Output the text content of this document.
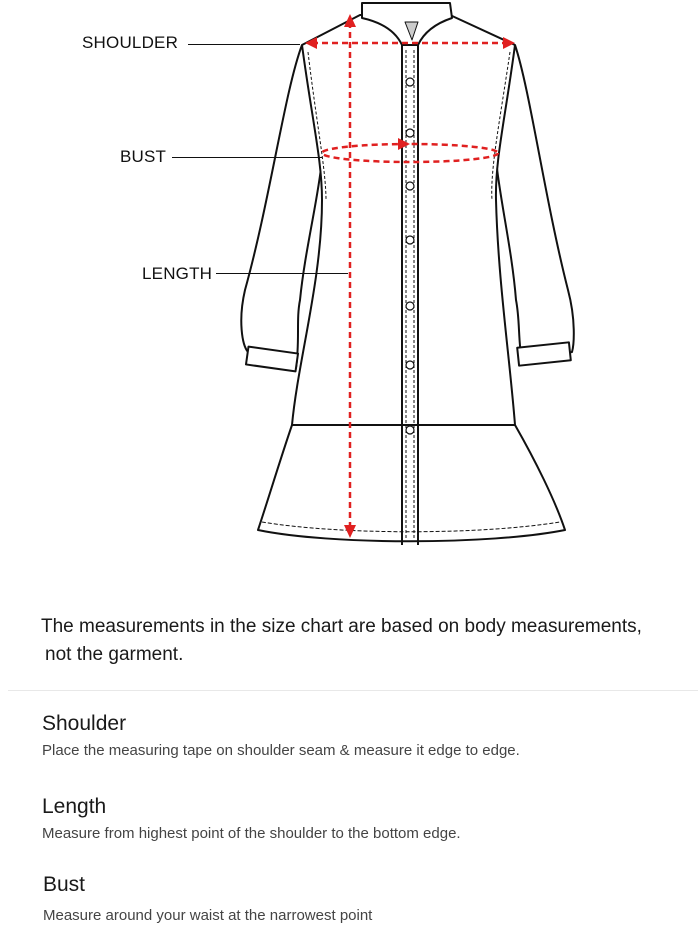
SHOULDER
BUST
LENGTH
The measurements in the size chart are based on body measurements,
not the garment.
Shoulder

Place the measuring tape on shoulder seam & measure it edge to edge.

Length

Measure from highest point of the shoulder to the bottom edge.

Bust

Measure around your waist at the narrowest point
